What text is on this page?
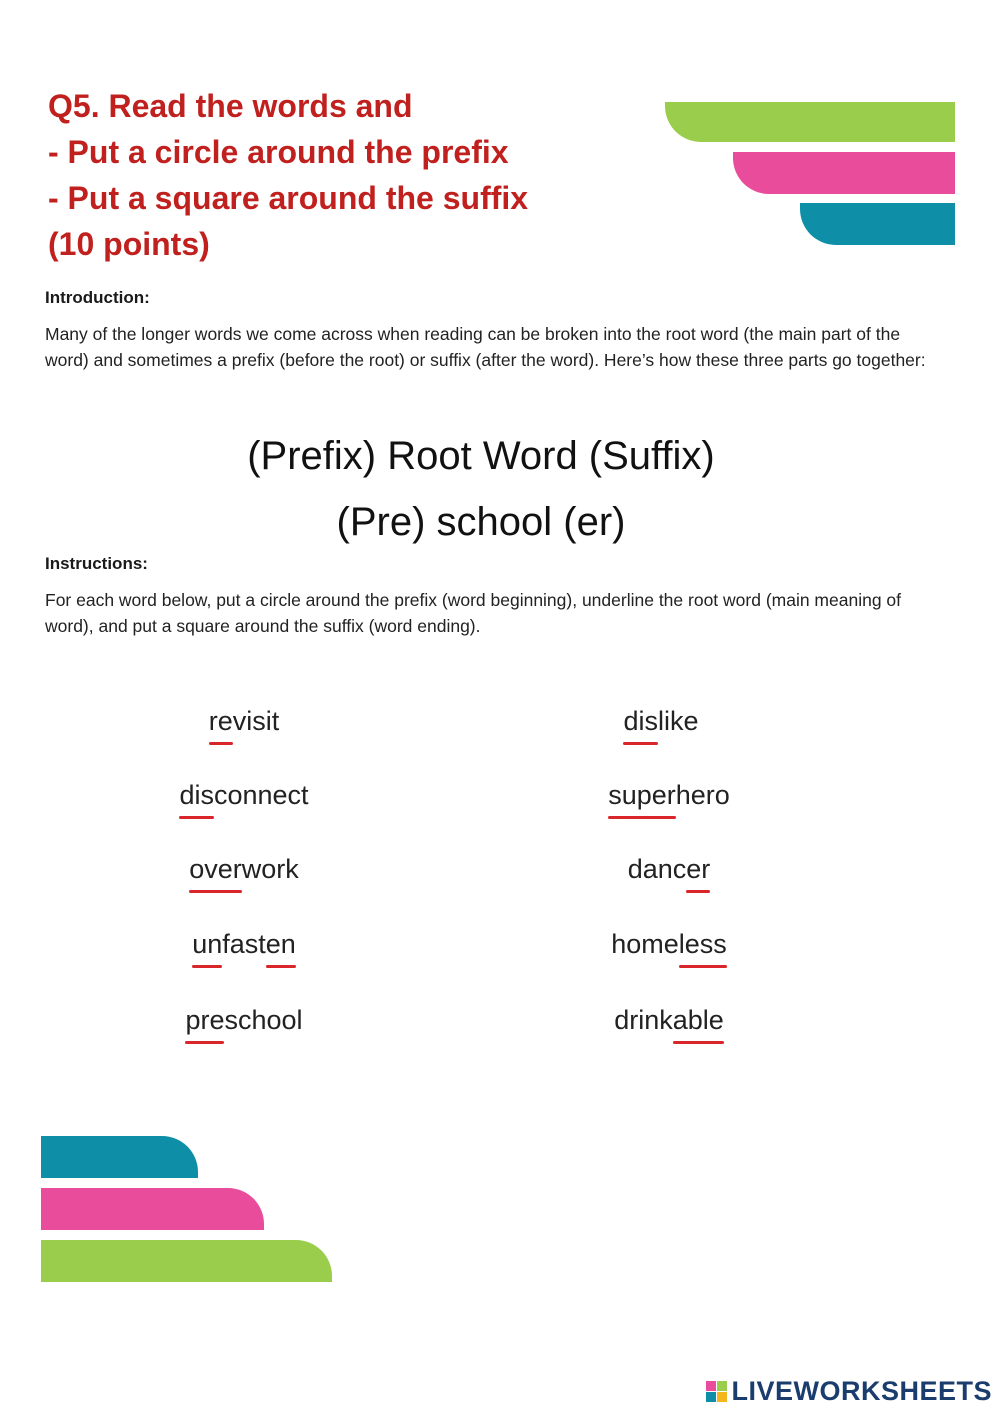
Q5. Read the words and
- Put a circle around the prefix
- Put a square around the suffix
(10 points)
Introduction:
Many of the longer words we come across when reading can be broken into the root word (the main part of the word) and sometimes a prefix (before the root) or suffix (after the word). Here’s how these three parts go together:
(Prefix) Root Word (Suffix)
(Pre) school (er)
Instructions:
For each word below, put a circle around the prefix (word beginning), underline the root word (main meaning of word), and put a square around the suffix (word ending).
revisit
disconnect
overwork
unfasten
preschool
dislike
superhero
dancer
homeless
drinkable
LIVEWORKSHEETS
